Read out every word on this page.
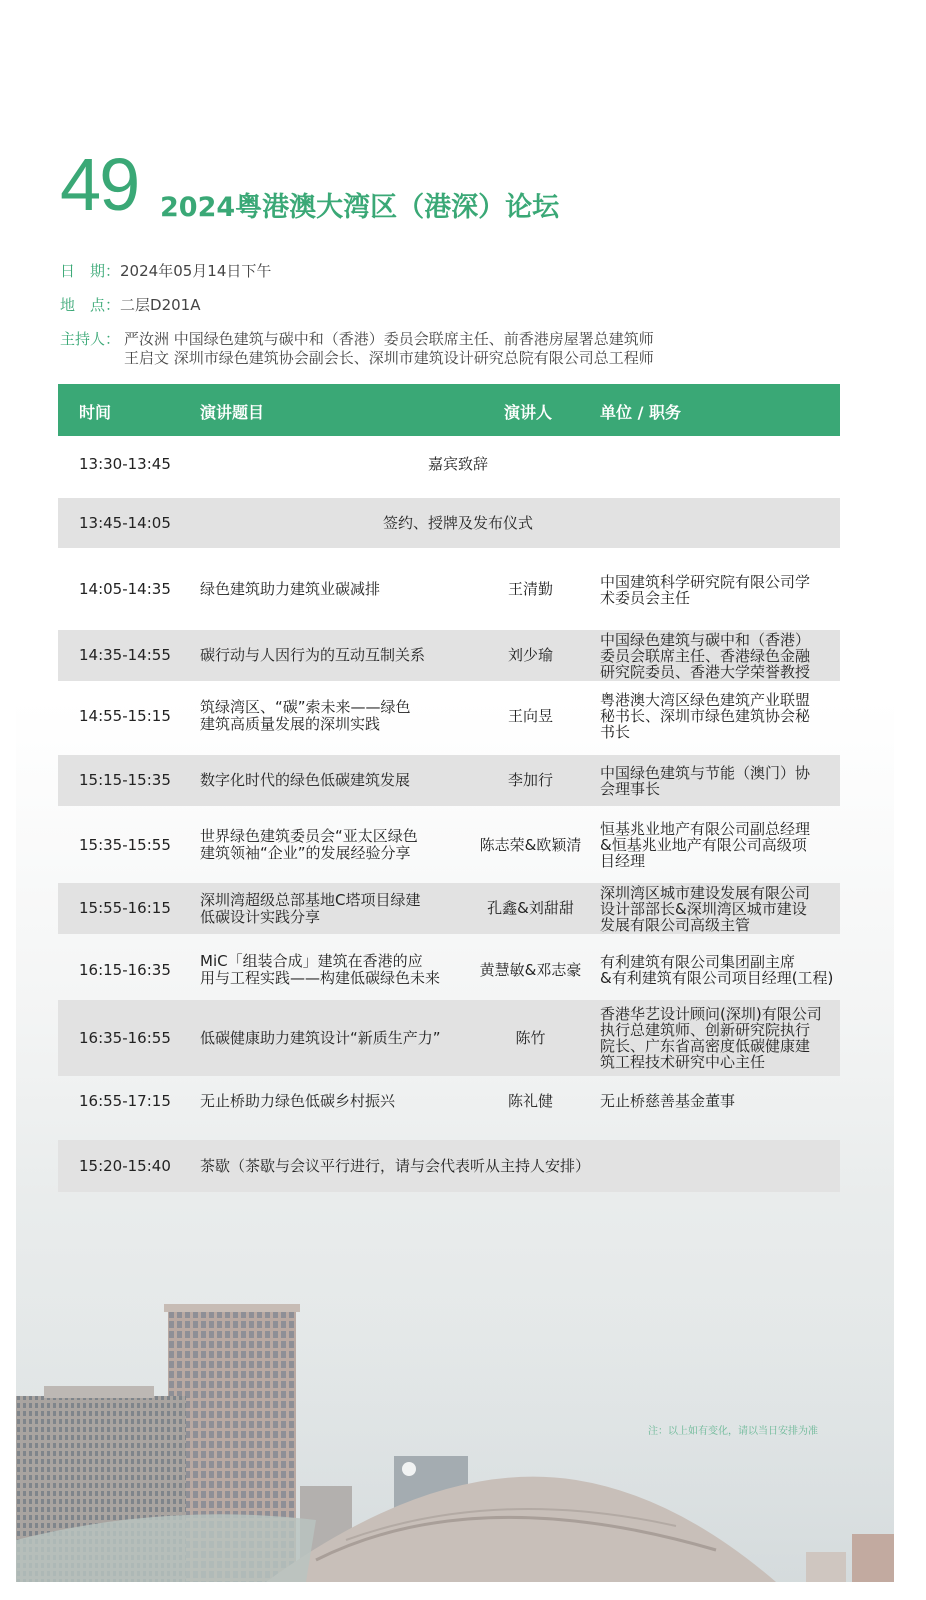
49 2024粤港澳大湾区（港深）论坛
日　期：2024年05月14日下午
地　点：二层D201A
主持人： 严汝洲 中国绿色建筑与碳中和（香港）委员会联席主任、前香港房屋署总建筑师
王启文 深圳市绿色建筑协会副会长、深圳市建筑设计研究总院有限公司总工程师
时间	演讲题目	演讲人	单位 / 职务
13:30-13:45	嘉宾致辞
13:45-14:05	签约、授牌及发布仪式
14:05-14:35 绿色建筑助力建筑业碳减排	王清勤	中国建筑科学研究院有限公司学
术委员会主任
14:35-14:55 碳行动与人因行为的互动互制关系	刘少瑜
中国绿色建筑与碳中和（香港）
委员会联席主任、香港绿色金融
研究院委员、香港大学荣誉教授
14:55-15:15 筑绿湾区、“碳”索未来——绿色
建筑高质量发展的深圳实践	王向昱
粤港澳大湾区绿色建筑产业联盟
秘书长、深圳市绿色建筑协会秘
书长
15:15-15:35 数字化时代的绿色低碳建筑发展	李加行	中国绿色建筑与节能（澳门）协
会理事长
15:35-15:55 世界绿色建筑委员会“亚太区绿色
建筑领袖“企业”的发展经验分享	陈志荣&欧颖清
恒基兆业地产有限公司副总经理
&恒基兆业地产有限公司高级项
目经理
15:55-16:15 深圳湾超级总部基地C塔项目绿建
低碳设计实践分享	孔鑫&刘甜甜
深圳湾区城市建设发展有限公司
设计部部长&深圳湾区城市建设
发展有限公司高级主管
16:15-16:35 MiC「组装合成」建筑在香港的应
用与工程实践——构建低碳绿色未来	黄慧敏&邓志豪	有利建筑有限公司集团副主席
&有利建筑有限公司项目经理(工程)
16:35-16:55 低碳健康助力建筑设计“新质生产力”	陈竹
香港华艺设计顾问(深圳)有限公司
执行总建筑师、创新研究院执行
院长、广东省高密度低碳健康建
筑工程技术研究中心主任
16:55-17:15 无止桥助力绿色低碳乡村振兴	陈礼健	无止桥慈善基金董事
15:20-15:40 茶歇（茶歇与会议平行进行，请与会代表听从主持人安排）
